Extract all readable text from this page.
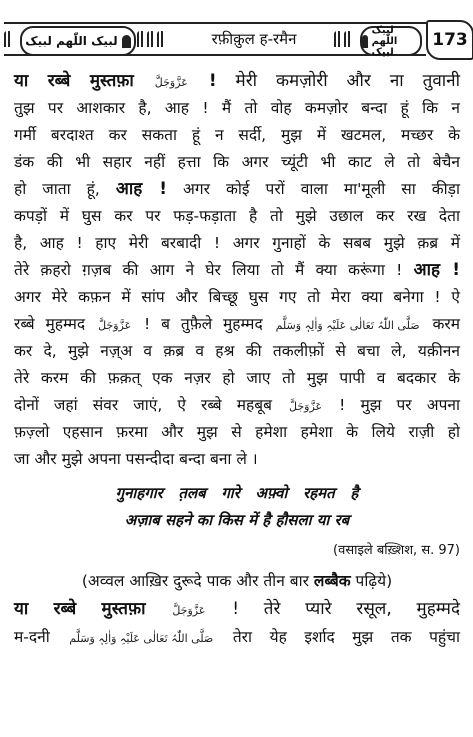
لبیک اللّٰھم لبیک	रफ़ीक़ुल ह-रमैन	لبیک اللّٰھم لبیک
173
या रब्बे मुस्तफ़ा عَزَّوَجَلَّ ! मेरी कमज़ोरी और ना तुवानी
तुझ पर आशकार है, आह ! मैं तो वोह कमज़ोर बन्दा हूं कि न
गर्मी बरदाश्त कर सकता हूं न सर्दी, मुझ में खटमल, मच्छर के
डंक की भी सहार नहीं हत्ता कि अगर च्यूंटी भी काट ले तो बेचैन
हो जाता हूं, आह ! अगर कोई परों वाला मा'मूली सा कीड़ा
कपड़ों में घुस कर पर फड़-फड़ाता है तो मुझे उछाल कर रख देता
है, आह ! हाए मेरी बरबादी ! अगर गुनाहों के सबब मुझे क़ब्र में
तेरे क़हरो ग़ज़ब की आग ने घेर लिया तो मैं क्या करूंगा ! आह !
अगर मेरे कफ़न में सांप और बिच्छू घुस गए तो मेरा क्या बनेगा ! ऐ
रब्बे मुहम्मद عَزَّوَجَلَّ ! ब तुफ़ैले मुहम्मद صَلَّی اللّٰہُ تَعَالٰی عَلَیْہِ وَاٰلِہٖ وَسَلَّم करम
कर दे, मुझे नज़्अ व क़ब्र व हश्र की तकलीफ़ों से बचा ले, यक़ीनन
तेरे करम की फ़क़त् एक नज़र हो जाए तो मुझ पापी व बदकार के
दोनों जहां संवर जाएं, ऐ रब्बे महबूब عَزَّوَجَلَّ ! मुझ पर अपना
फ़ज़्लो एहसान फ़रमा और मुझ से हमेशा हमेशा के लिये राज़ी हो
जा और मुझे अपना पसन्दीदा बन्दा बना ले ।
गुनाहगार   त़लब   गारे   अफ़्वो   रहमत   है
अज़ाब सहने का किस में है हौसला या रब
(वसाइले बख़्शिश, स. 97)
(अव्वल आख़िर दुरूदे पाक और तीन बार लब्बैक पढ़िये)
या रब्बे मुस्तफ़ा عَزَّوَجَلَّ ! तेरे प्यारे रसूल, मुहम्मदे
म-दनी صَلَّی اللّٰہُ تَعَالٰی عَلَیْہِ وَاٰلِہٖ وَسَلَّم तेरा येह इर्शाद मुझ तक पहुंचा
